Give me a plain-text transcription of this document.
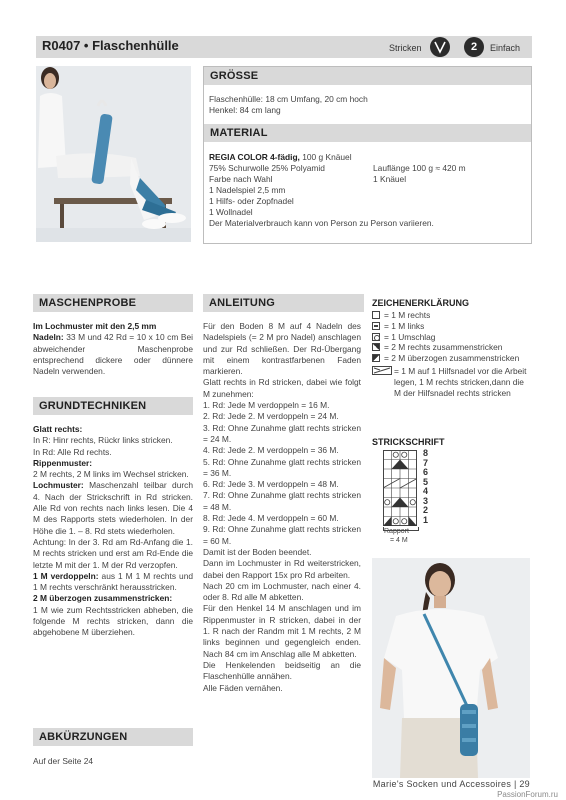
R0407 • Flaschenhülle	Stricken	2	Einfach
GRÖSSE
Flaschenhülle: 18 cm Umfang, 20 cm hoch
Henkel: 84 cm lang
MATERIAL
REGIA COLOR 4-fädig, 100 g Knäuel
75% Schurwolle 25% Polyamid	Lauflänge 100 g ≈ 420 m
Farbe nach Wahl	1 Knäuel
1 Nadelspiel 2,5 mm
1 Hilfs- oder Zopfnadel
1 Wollnadel
Der Materialverbrauch kann von Person zu Person variieren.
MASCHENPROBE
Im Lochmuster mit den 2,5 mm
Nadeln: 33 M und 42 Rd = 10 x 10 cm Bei abweichender Maschenprobe entsprechend dickere oder dünnere Nadeln verwenden.
GRUNDTECHNIKEN
Glatt rechts:
In R: Hinr rechts, Rückr links stricken.
In Rd: Alle Rd rechts.
Rippenmuster:
2 M rechts, 2 M links im Wechsel stricken.
Lochmuster: Maschenzahl teilbar durch 4. Nach der Strickschrift in Rd stricken. Alle Rd von rechts nach links lesen. Die 4 M des Rapports stets wiederholen. In der Höhe die 1. – 8. Rd stets wiederholen.
Achtung: In der 3. Rd am Rd-Anfang die 1. M rechts stricken und erst am Rd-Ende die letzte M mit der 1. M der Rd verzopfen.
1 M verdoppeln: aus 1 M 1 M rechts und 1 M rechts verschränkt herausstricken.
2 M überzogen zusammenstricken:
1 M wie zum Rechtsstricken abheben, die folgende M rechts stricken, dann die abgehobene M überziehen.
ABKÜRZUNGEN
Auf der Seite 24
ANLEITUNG
Für den Boden 8 M auf 4 Nadeln des Nadelspiels (= 2 M pro Nadel) anschlagen und zur Rd schließen. Der Rd-Übergang mit einem kontrastfarbenen Faden markieren.
Glatt rechts in Rd stricken, dabei wie folgt M zunehmen:
1. Rd: Jede M verdoppeln = 16 M.
2. Rd: Jede 2. M verdoppeln = 24 M.
3. Rd: Ohne Zunahme glatt rechts stricken = 24 M.
4. Rd: Jede 2. M verdoppeln = 36 M.
5. Rd: Ohne Zunahme glatt rechts stricken = 36 M.
6. Rd: Jede 3. M verdoppeln = 48 M.
7. Rd: Ohne Zunahme glatt rechts stricken = 48 M.
8. Rd: Jede 4. M verdoppeln = 60 M.
9. Rd: Ohne Zunahme glatt rechts stricken = 60 M.
Damit ist der Boden beendet.
Dann im Lochmuster in Rd weiterstricken, dabei den Rapport 15x pro Rd arbeiten.
Nach 20 cm im Lochmuster, nach einer 4. oder 8. Rd alle M abketten.
Für den Henkel 14 M anschlagen und im Rippenmuster in R stricken, dabei in der 1. R nach der Randm mit 1 M rechts, 2 M links beginnen und gegengleich enden. Nach 84 cm im Anschlag alle M abketten.
Die Henkelenden beidseitig an die Flaschenhülle annähen.
Alle Fäden vernähen.
ZEICHENERKLÄRUNG
= 1 M rechts
= 1 M links
= 1 Umschlag
= 2 M rechts zusammenstricken
= 2 M überzogen zusammenstricken
= 1 M auf 1 Hilfsnadel vor die Arbeit legen, 1 M rechts stricken,dann die M der Hilfsnadel rechts stricken
STRICKSCHRIFT
8
7
6
5
4
3
2
1
Rapport
= 4 M
Marie's Socken und Accessoires | 29
PassionForum.ru
